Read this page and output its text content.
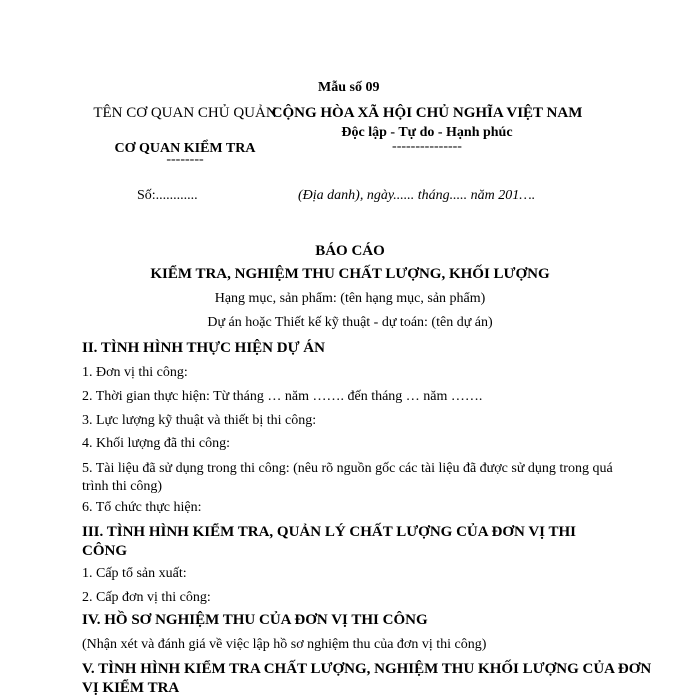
Mẫu số 09
TÊN CƠ QUAN CHỦ QUẢN
CƠ QUAN KIỂM TRA
--------
CỘNG HÒA XÃ HỘI CHỦ NGHĨA VIỆT NAM
Độc lập - Tự do - Hạnh phúc
---------------
Số:............	(Địa danh), ngày...... tháng..... năm 201….
BÁO CÁO
KIỂM TRA, NGHIỆM THU CHẤT LƯỢNG, KHỐI LƯỢNG
Hạng mục, sản phẩm: (tên hạng mục, sản phẩm)
Dự án hoặc Thiết kế kỹ thuật - dự toán: (tên dự án)
II. TÌNH HÌNH THỰC HIỆN DỰ ÁN
1. Đơn vị thi công:
2. Thời gian thực hiện: Từ tháng … năm ……. đến tháng … năm …….
3. Lực lượng kỹ thuật và thiết bị thi công:
4. Khối lượng đã thi công:
5. Tài liệu đã sử dụng trong thi công: (nêu rõ nguồn gốc các tài liệu đã được sử dụng trong quá trình thi công)
6. Tổ chức thực hiện:
III. TÌNH HÌNH KIỂM TRA, QUẢN LÝ CHẤT LƯỢNG CỦA ĐƠN VỊ THI CÔNG
1. Cấp tổ sản xuất:
2. Cấp đơn vị thi công:
IV. HỒ SƠ NGHIỆM THU CỦA ĐƠN VỊ THI CÔNG
(Nhận xét và đánh giá về việc lập hồ sơ nghiệm thu của đơn vị thi công)
V. TÌNH HÌNH KIỂM TRA CHẤT LƯỢNG, NGHIỆM THU KHỐI LƯỢNG CỦA ĐƠN VỊ KIỂM TRA
